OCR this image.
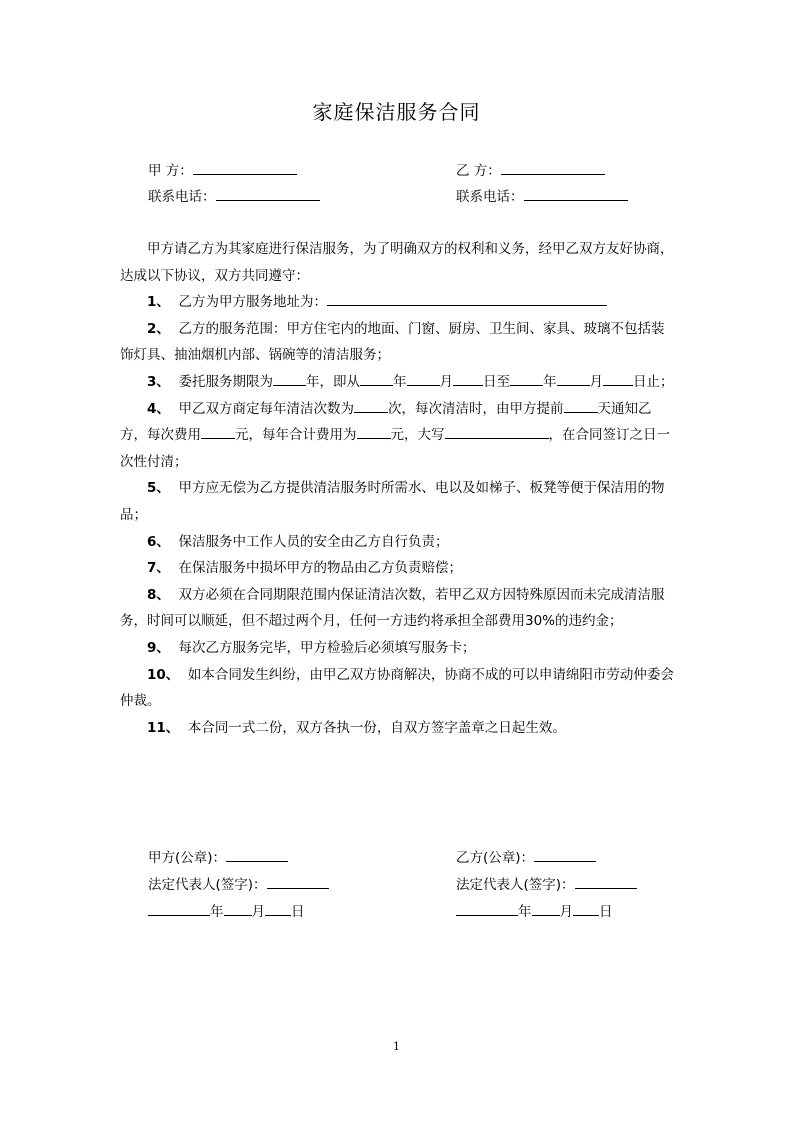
家庭保洁服务合同
甲 方：
联系电话：
乙 方：
联系电话：

甲方请乙方为其家庭进行保洁服务，为了明确双方的权利和义务，经甲乙双方友好协商，达成以下协议，双方共同遵守：

1、 乙方为甲方服务地址为：

2、 乙方的服务范围：甲方住宅内的地面、门窗、厨房、卫生间、家具、玻璃不包括装饰灯具、抽油烟机内部、锅碗等的清洁服务；

3、 委托服务期限为 年，即从 年 月 日至 年 月 日止；

4、 甲乙双方商定每年清洁次数为	次，每次清洁时，由甲方提前	天通知乙方，每次费用	元，每年合计费用为	元，大写	，在合同签订之日一次性付清；

5、 甲方应无偿为乙方提供清洁服务时所需水、电以及如梯子、板凳等便于保洁用的物品；

6、 保洁服务中工作人员的安全由乙方自行负责；

7、 在保洁服务中损坏甲方的物品由乙方负责赔偿；

8、 双方必须在合同期限范围内保证清洁次数，若甲乙双方因特殊原因而未完成清洁服务，时间可以顺延，但不超过两个月，任何一方违约将承担全部费用30%的违约金；

9、 每次乙方服务完毕，甲方检验后必须填写服务卡；

10、 如本合同发生纠纷，由甲乙双方协商解决，协商不成的可以申请绵阳市劳动仲委会仲裁。

11、 本合同一式二份，双方各执一份，自双方签字盖章之日起生效。

甲方(公章)：
法定代表人(签字)：
年 月 日
乙方(公章)：
法定代表人(签字)：
年 月 日
1
